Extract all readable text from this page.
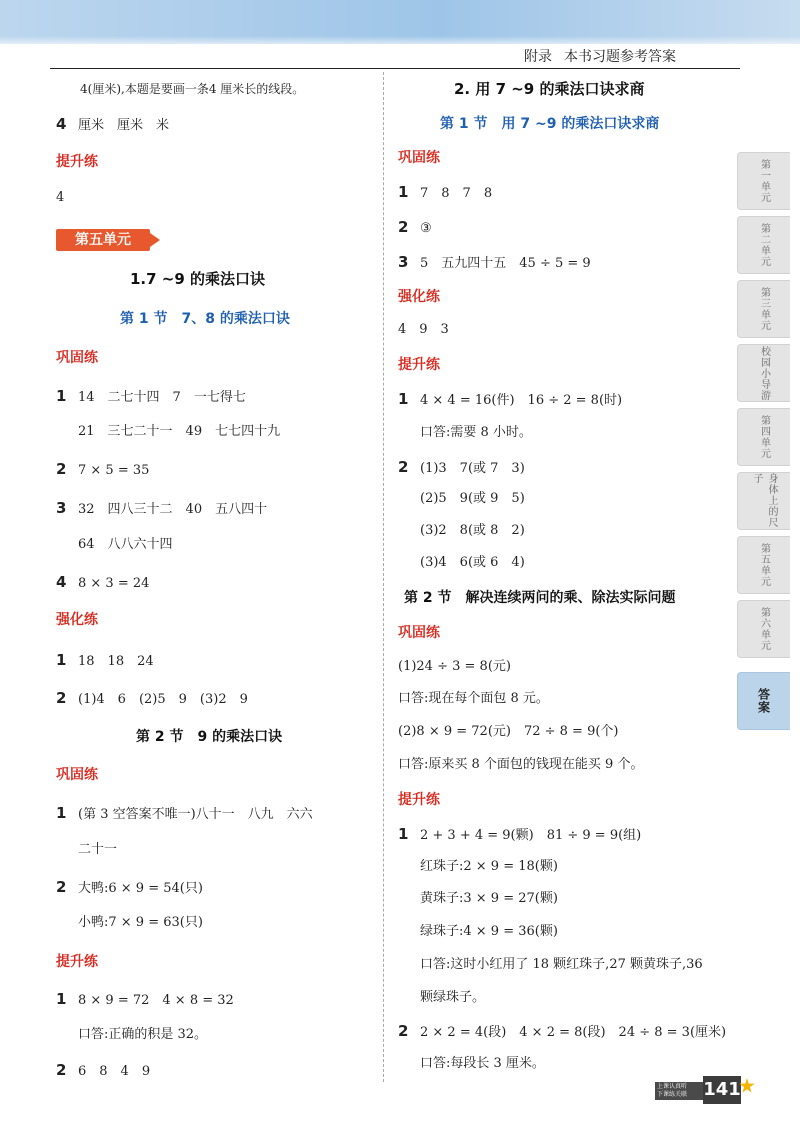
附录 本书习题参考答案
4(厘米),本题是要画一条4 厘米长的线段。
4 厘米　厘米　米
提升练
4
第五单元
1.7 ~9 的乘法口诀
第 1 节　7、8 的乘法口诀
巩固练
1 14　二七十四　7　一七得七
21　三七二十一　49　七七四十九
2 7 × 5 = 35
3 32　四八三十二　40　五八四十
64　八八六十四
4 8 × 3 = 24
强化练
1 18　18　24
2 (1)4　6　(2)5　9　(3)2　9
第 2 节　9 的乘法口诀
巩固练
1 (第 3 空答案不唯一)八十一　八九　六六
二十一
2 大鸭:6 × 9 = 54(只)
小鸭:7 × 9 = 63(只)
提升练
1 8 × 9 = 72　4 × 8 = 32
口答:正确的积是 32。
2 6　8　4　9
2. 用 7 ~9 的乘法口诀求商
第 1 节　用 7 ~9 的乘法口诀求商
巩固练
1 7　8　7　8
2 ③
3 5　五九四十五　45 ÷ 5 = 9
强化练
4　9　3
提升练
1 4 × 4 = 16(件)　16 ÷ 2 = 8(时)
口答:需要 8 小时。
2 (1)3　7(或 7　3)
(2)5　9(或 9　5)
(3)2　8(或 8　2)
(3)4　6(或 6　4)
第 2 节　解决连续两问的乘、除法实际问题
巩固练
(1)24 ÷ 3 = 8(元)
口答:现在每个面包 8 元。
(2)8 × 9 = 72(元)　72 ÷ 8 = 9(个)
口答:原来买 8 个面包的钱现在能买 9 个。
提升练
1 2 + 3 + 4 = 9(颗)　81 ÷ 9 = 9(组)
红珠子:2 × 9 = 18(颗)
黄珠子:3 × 9 = 27(颗)
绿珠子:4 × 9 = 36(颗)
口答:这时小红用了 18 颗红珠子,27 颗黄珠子,36
颗绿珠子。
2 2 × 2 = 4(段)　4 × 2 = 8(段)　24 ÷ 8 = 3(厘米)
口答:每段长 3 厘米。
第一单元
第二单元
第三单元
校园小导游
第四单元
身体上的尺子
第五单元
第六单元
答案
上课认真听
下课练关联 141
